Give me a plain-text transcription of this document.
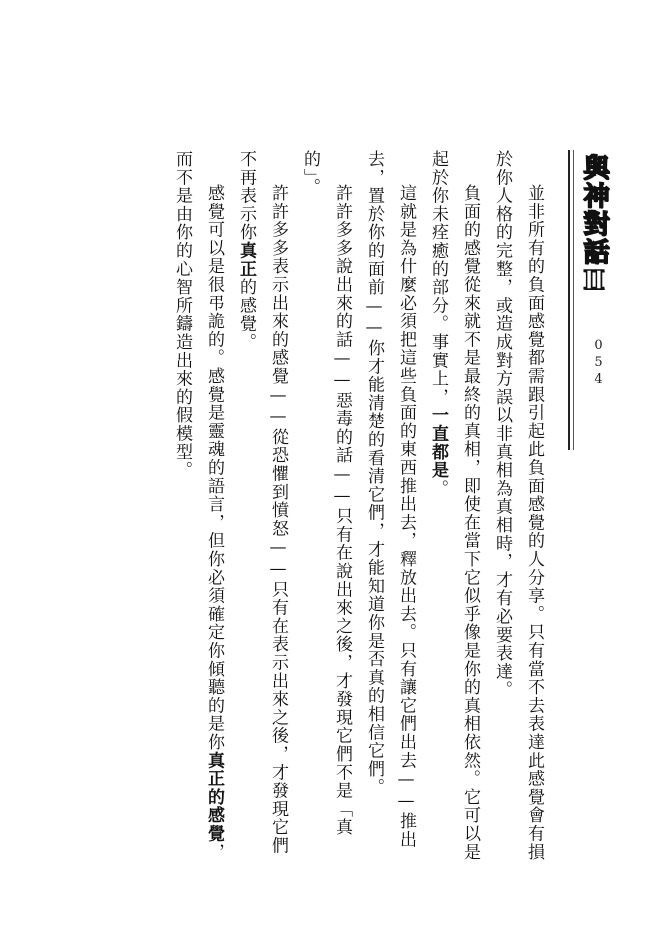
與神對話Ⅱ
054

並非所有的負面感覺都需跟引起此負面感覺的人分享。只有當不去表達此感覺會有損於你人格的完整，或造成對方誤以非真相為真相時，才有必要表達。

負面的感覺從來就不是最終的真相，即使在當下它似乎像是你的真相依然。它可以是起於你未痊癒的部分。事實上，一直都是。

這就是為什麼必須把這些負面的東西推出去，釋放出去。只有讓它們出去——推出去，置於你的面前——你才能清楚的看清它們，才能知道你是否真的相信它們。

許許多多說出來的話——惡毒的話——只有在說出來之後，才發現它們不是「真的」。

許許多多表示出來的感覺——從恐懼到憤怒——只有在表示出來之後，才發現它們不再表示你真正的感覺。

感覺可以是很弔詭的。感覺是靈魂的語言，但你必須確定你傾聽的是你真正的感覺，而不是由你的心智所鑄造出來的假模型。
